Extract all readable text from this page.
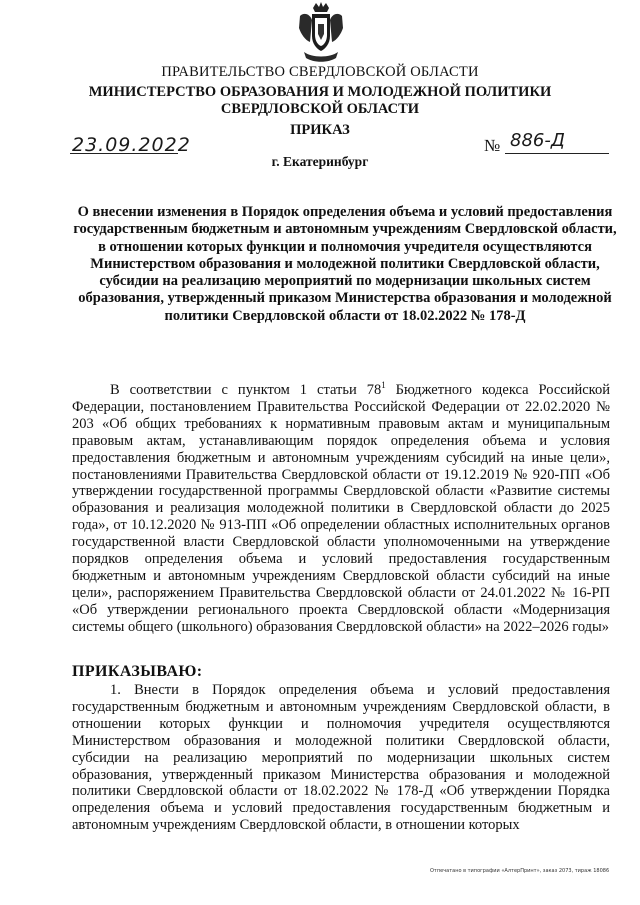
ПРАВИТЕЛЬСТВО СВЕРДЛОВСКОЙ ОБЛАСТИ
МИНИСТЕРСТВО ОБРАЗОВАНИЯ И МОЛОДЕЖНОЙ ПОЛИТИКИ
СВЕРДЛОВСКОЙ ОБЛАСТИ
ПРИКАЗ
23.09.2022	№ 886-Д
г. Екатеринбург
О внесении изменения в Порядок определения объема и условий предоставления государственным бюджетным и автономным учреждениям Свердловской области, в отношении которых функции и полномочия учредителя осуществляются Министерством образования и молодежной политики Свердловской области, субсидии на реализацию мероприятий по модернизации школьных систем образования, утвержденный приказом Министерства образования и молодежной политики Свердловской области от 18.02.2022 № 178-Д
В соответствии с пунктом 1 статьи $78^1$ Бюджетного кодекса Российской Федерации, постановлением Правительства Российской Федерации от 22.02.2020 № 203 «Об общих требованиях к нормативным правовым актам и муниципальным правовым актам, устанавливающим порядок определения объема и условия предоставления бюджетным и автономным учреждениям субсидий на иные цели», постановлениями Правительства Свердловской области от 19.12.2019 № 920-ПП «Об утверждении государственной программы Свердловской области «Развитие системы образования и реализация молодежной политики в Свердловской области до 2025 года», от 10.12.2020 № 913-ПП «Об определении областных исполнительных органов государственной власти Свердловской области уполномоченными на утверждение порядков определения объема и условий предоставления государственным бюджетным и автономным учреждениям Свердловской области субсидий на иные цели», распоряжением Правительства Свердловской области от 24.01.2022 № 16-РП «Об утверждении регионального проекта Свердловской области «Модернизация системы общего (школьного) образования Свердловской области» на 2022–2026 годы»
ПРИКАЗЫВАЮ:
1. Внести в Порядок определения объема и условий предоставления государственным бюджетным и автономным учреждениям Свердловской области, в отношении которых функции и полномочия учредителя осуществляются Министерством образования и молодежной политики Свердловской области, субсидии на реализацию мероприятий по модернизации школьных систем образования, утвержденный приказом Министерства образования и молодежной политики Свердловской области от 18.02.2022 № 178-Д «Об утверждении Порядка определения объема и условий предоставления государственным бюджетным и автономным учреждениям Свердловской области, в отношении которых
Отпечатано в типографии «АлтерПринт», заказ 2073, тираж 18086
